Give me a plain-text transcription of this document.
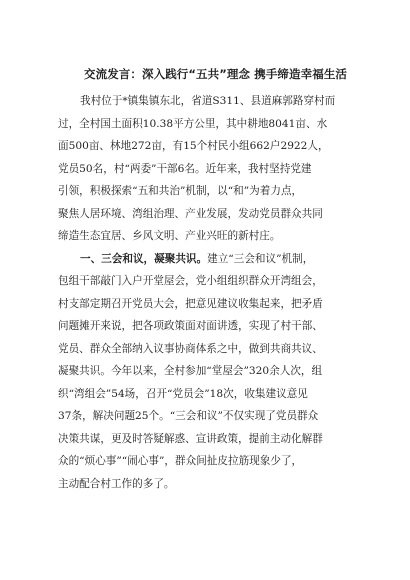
交流发言：深入践行“五共”理念 携手缔造幸福生活
我村位于*镇集镇东北，省道S311、县道麻郭路穿村而
过，全村国土面积10.38平方公里，其中耕地8041亩、水
面500亩、林地272亩，有15个村民小组662户2922人，
党员50名，村“两委”干部6名。近年来，我村坚持党建
引领，积极探索“五和共治”机制，以“和”为着力点，
聚焦人居环境、湾组治理、产业发展，发动党员群众共同
缔造生态宜居、乡风文明、产业兴旺的新村庄。
一、三会和议，凝聚共识。建立“三会和议”机制，
包组干部敲门入户开堂屋会，党小组组织群众开湾组会，
村支部定期召开党员大会，把意见建议收集起来，把矛盾
问题摊开来说，把各项政策面对面讲透，实现了村干部、
党员、群众全部纳入议事协商体系之中，做到共商共议、
凝聚共识。今年以来，全村参加“堂屋会”320余人次，组
织“湾组会”54场，召开“党员会”18次，收集建议意见
37条，解决问题25个。“三会和议”不仅实现了党员群众
决策共谋，更及时答疑解惑、宣讲政策，提前主动化解群
众的“烦心事”“闹心事”，群众间扯皮拉筋现象少了，
主动配合村工作的多了。
